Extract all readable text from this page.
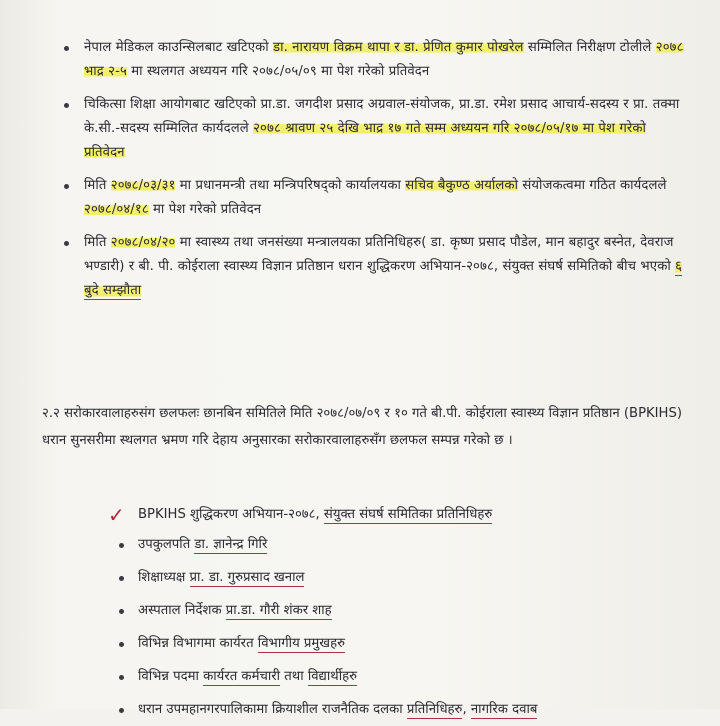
नेपाल मेडिकल काउन्सिलबाट खटिएको डा. नारायण विक्रम थापा र डा. प्रेणित कुमार पोखरेल सम्मिलित निरीक्षण टोलीले २०७८ भाद्र २-५ मा स्थलगत अध्ययन गरि २०७८/०५/०९ मा पेश गरेको प्रतिवेदन
चिकित्सा शिक्षा आयोगबाट खटिएको प्रा.डा. जगदीश प्रसाद अग्रवाल-संयोजक, प्रा.डा. रमेश प्रसाद आचार्य-सदस्य र प्रा. तक्मा के.सी.-सदस्य सम्मिलित कार्यदलले २०७८ श्रावण २५ देखि भाद्र १७ गते सम्म अध्ययन गरि २०७८/०५/१७ मा पेश गरेको प्रतिवेदन
मिति २०७८/०३/३१ मा प्रधानमन्त्री तथा मन्त्रिपरिषद्को कार्यालयका सचिव बैकुण्ठ अर्यालको संयोजकत्वमा गठित कार्यदलले २०७८/०४/१८ मा पेश गरेको प्रतिवेदन
मिति २०७८/०४/२० मा स्वास्थ्य तथा जनसंख्या मन्त्रालयका प्रतिनिधिहरु( डा. कृष्ण प्रसाद पौडेल, मान बहादुर बस्नेत, देवराज भण्डारी) र बी. पी. कोईराला स्वास्थ्य विज्ञान प्रतिष्ठान धरान शुद्धिकरण अभियान-२०७८, संयुक्त संघर्ष समितिको बीच भएको ६ बुदे सम्झौता
२.२ सरोकारवालाहरुसंग छलफलः छानबिन समितिले मिति २०७८/०७/०९ र १० गते बी.पी. कोईराला स्वास्थ्य विज्ञान प्रतिष्ठान (BPKIHS) धरान सुनसरीमा स्थलगत भ्रमण गरि देहाय अनुसारका सरोकारवालाहरुसँग छलफल सम्पन्न गरेको छ ।
✓	BPKIHS शुद्धिकरण अभियान-२०७८, संयुक्त संघर्ष समितिका प्रतिनिधिहरु
उपकुलपति डा. ज्ञानेन्द्र गिरि
शिक्षाध्यक्ष प्रा. डा. गुरुप्रसाद खनाल
अस्पताल निर्देशक प्रा.डा. गौरी शंकर शाह
विभिन्न विभागमा कार्यरत विभागीय प्रमुखहरु
विभिन्न पदमा कार्यरत कर्मचारी तथा विद्यार्थीहरु
धरान उपमहानगरपालिकामा क्रियाशील राजनैतिक दलका प्रतिनिधिहरु, नागरिक दवाब
